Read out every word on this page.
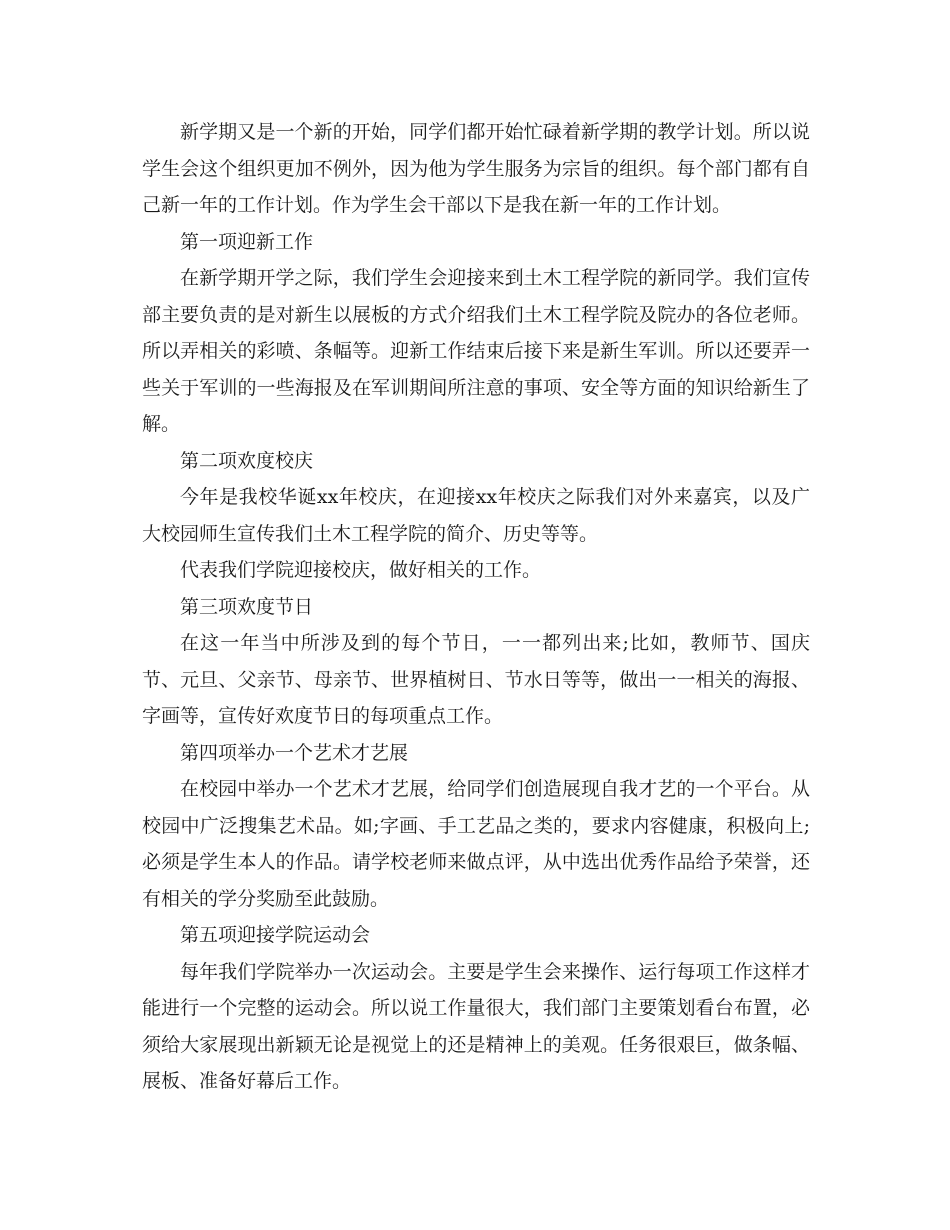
新学期又是一个新的开始，同学们都开始忙碌着新学期的教学计划。所以说学生会这个组织更加不例外，因为他为学生服务为宗旨的组织。每个部门都有自己新一年的工作计划。作为学生会干部以下是我在新一年的工作计划。

第一项迎新工作

在新学期开学之际，我们学生会迎接来到土木工程学院的新同学。我们宣传部主要负责的是对新生以展板的方式介绍我们土木工程学院及院办的各位老师。所以弄相关的彩喷、条幅等。迎新工作结束后接下来是新生军训。所以还要弄一些关于军训的一些海报及在军训期间所注意的事项、安全等方面的知识给新生了解。

第二项欢度校庆

今年是我校华诞xx年校庆，在迎接xx年校庆之际我们对外来嘉宾，以及广大校园师生宣传我们土木工程学院的简介、历史等等。

代表我们学院迎接校庆，做好相关的工作。

第三项欢度节日

在这一年当中所涉及到的每个节日，一一都列出来;比如，教师节、国庆节、元旦、父亲节、母亲节、世界植树日、节水日等等，做出一一相关的海报、字画等，宣传好欢度节日的每项重点工作。

第四项举办一个艺术才艺展

在校园中举办一个艺术才艺展，给同学们创造展现自我才艺的一个平台。从校园中广泛搜集艺术品。如;字画、手工艺品之类的，要求内容健康，积极向上;必须是学生本人的作品。请学校老师来做点评，从中选出优秀作品给予荣誉，还有相关的学分奖励至此鼓励。

第五项迎接学院运动会

每年我们学院举办一次运动会。主要是学生会来操作、运行每项工作这样才能进行一个完整的运动会。所以说工作量很大，我们部门主要策划看台布置，必须给大家展现出新颖无论是视觉上的还是精神上的美观。任务很艰巨，做条幅、展板、准备好幕后工作。
